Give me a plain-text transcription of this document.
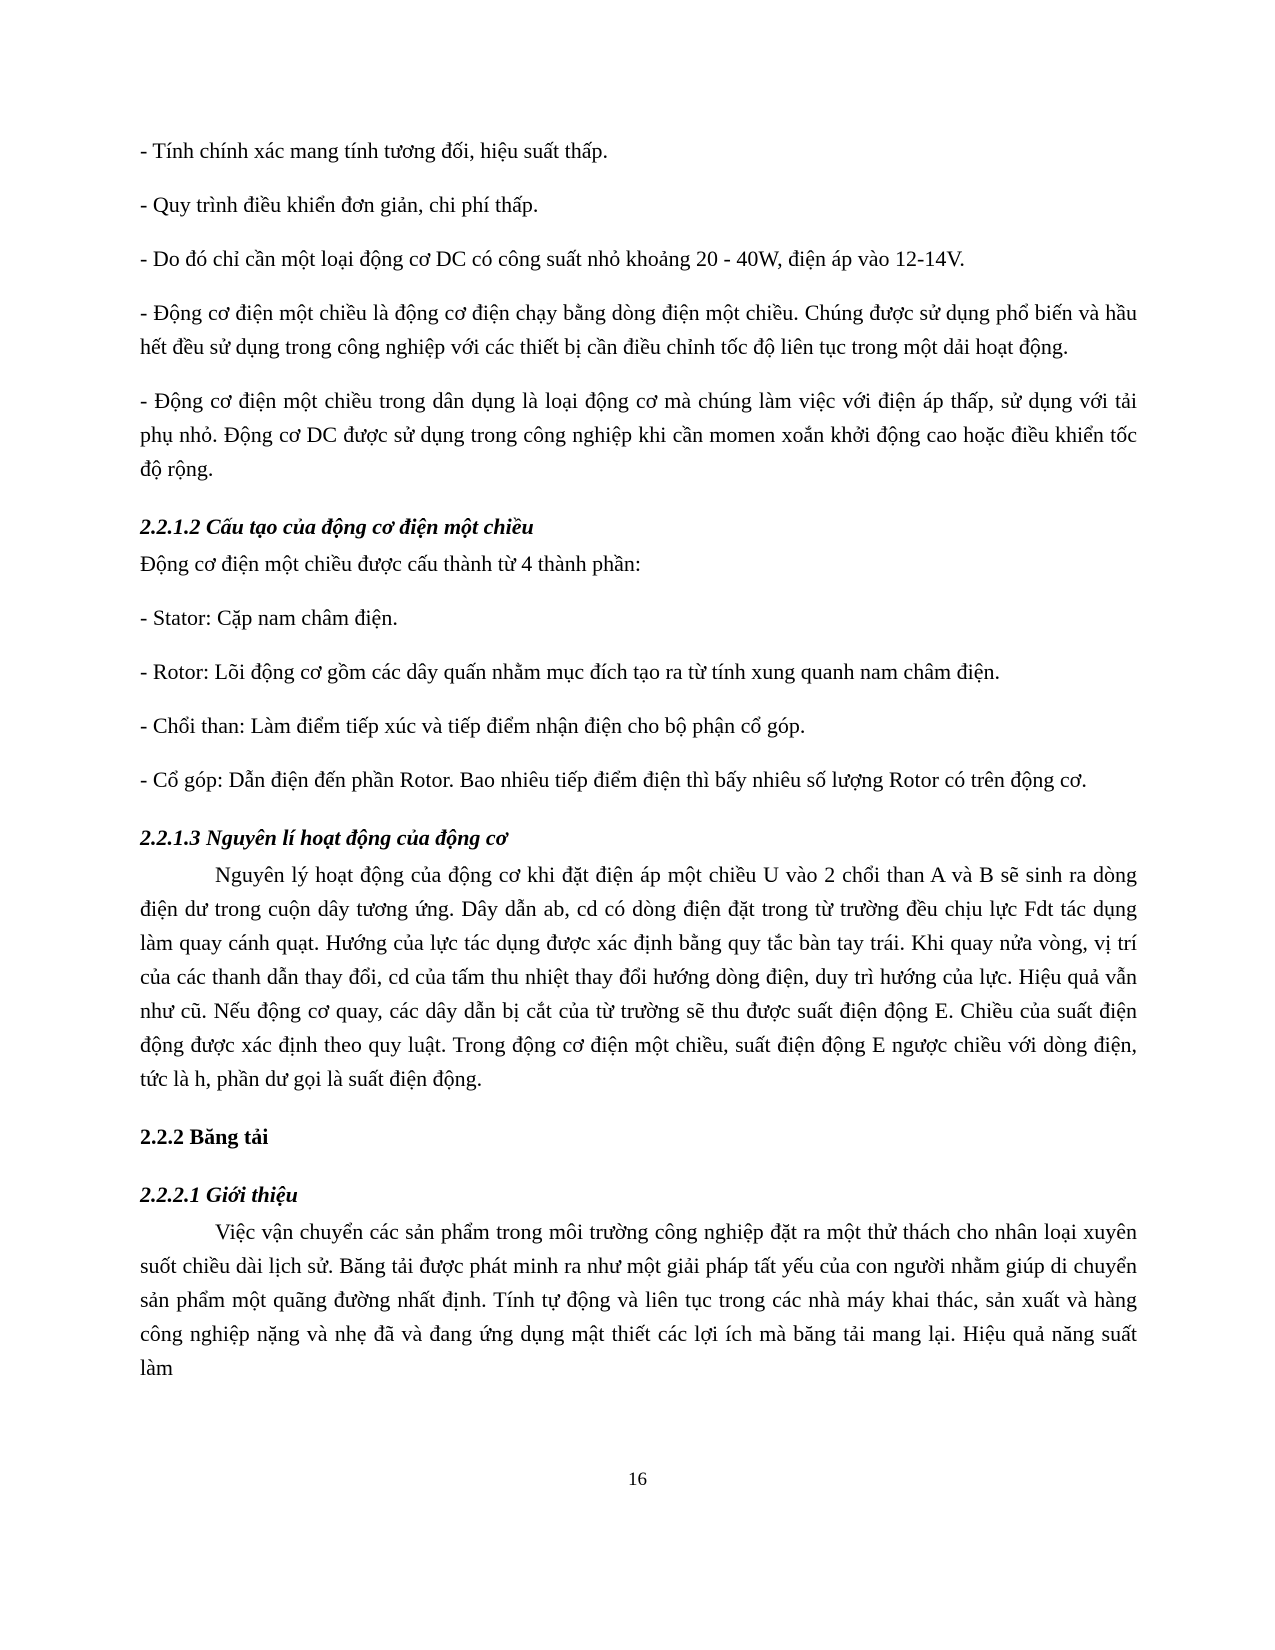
- Tính chính xác mang tính tương đối, hiệu suất thấp.

- Quy trình điều khiển đơn giản, chi phí thấp.

- Do đó chỉ cần một loại động cơ DC có công suất nhỏ khoảng 20 - 40W, điện áp vào 12-14V.

- Động cơ điện một chiều là động cơ điện chạy bằng dòng điện một chiều. Chúng được sử dụng phổ biến và hầu hết đều sử dụng trong công nghiệp với các thiết bị cần điều chỉnh tốc độ liên tục trong một dải hoạt động.

- Động cơ điện một chiều trong dân dụng là loại động cơ mà chúng làm việc với điện áp thấp, sử dụng với tải phụ nhỏ. Động cơ DC được sử dụng trong công nghiệp khi cần momen xoắn khởi động cao hoặc điều khiển tốc độ rộng.

2.2.1.2 Cấu tạo của động cơ điện một chiều

Động cơ điện một chiều được cấu thành từ 4 thành phần:

- Stator: Cặp nam châm điện.

- Rotor: Lõi động cơ gồm các dây quấn nhằm mục đích tạo ra từ tính xung quanh nam châm điện.

- Chổi than: Làm điểm tiếp xúc và tiếp điểm nhận điện cho bộ phận cổ góp.

- Cổ góp: Dẫn điện đến phần Rotor. Bao nhiêu tiếp điểm điện thì bấy nhiêu số lượng Rotor có trên động cơ.

2.2.1.3 Nguyên lí hoạt động của động cơ

Nguyên lý hoạt động của động cơ khi đặt điện áp một chiều U vào 2 chổi than A và B sẽ sinh ra dòng điện dư trong cuộn dây tương ứng. Dây dẫn ab, cd có dòng điện đặt trong từ trường đều chịu lực Fdt tác dụng làm quay cánh quạt. Hướng của lực tác dụng được xác định bằng quy tắc bàn tay trái. Khi quay nửa vòng, vị trí của các thanh dẫn thay đổi, cd của tấm thu nhiệt thay đổi hướng dòng điện, duy trì hướng của lực. Hiệu quả vẫn như cũ. Nếu động cơ quay, các dây dẫn bị cắt của từ trường sẽ thu được suất điện động E. Chiều của suất điện động được xác định theo quy luật. Trong động cơ điện một chiều, suất điện động E ngược chiều với dòng điện, tức là h, phần dư gọi là suất điện động.

2.2.2 Băng tải
2.2.2.1 Giới thiệu

Việc vận chuyển các sản phẩm trong môi trường công nghiệp đặt ra một thử thách cho nhân loại xuyên suốt chiều dài lịch sử. Băng tải được phát minh ra như một giải pháp tất yếu của con người nhằm giúp di chuyển sản phẩm một quãng đường nhất định. Tính tự động và liên tục trong các nhà máy khai thác, sản xuất và hàng công nghiệp nặng và nhẹ đã và đang ứng dụng mật thiết các lợi ích mà băng tải mang lại. Hiệu quả năng suất làm

16
